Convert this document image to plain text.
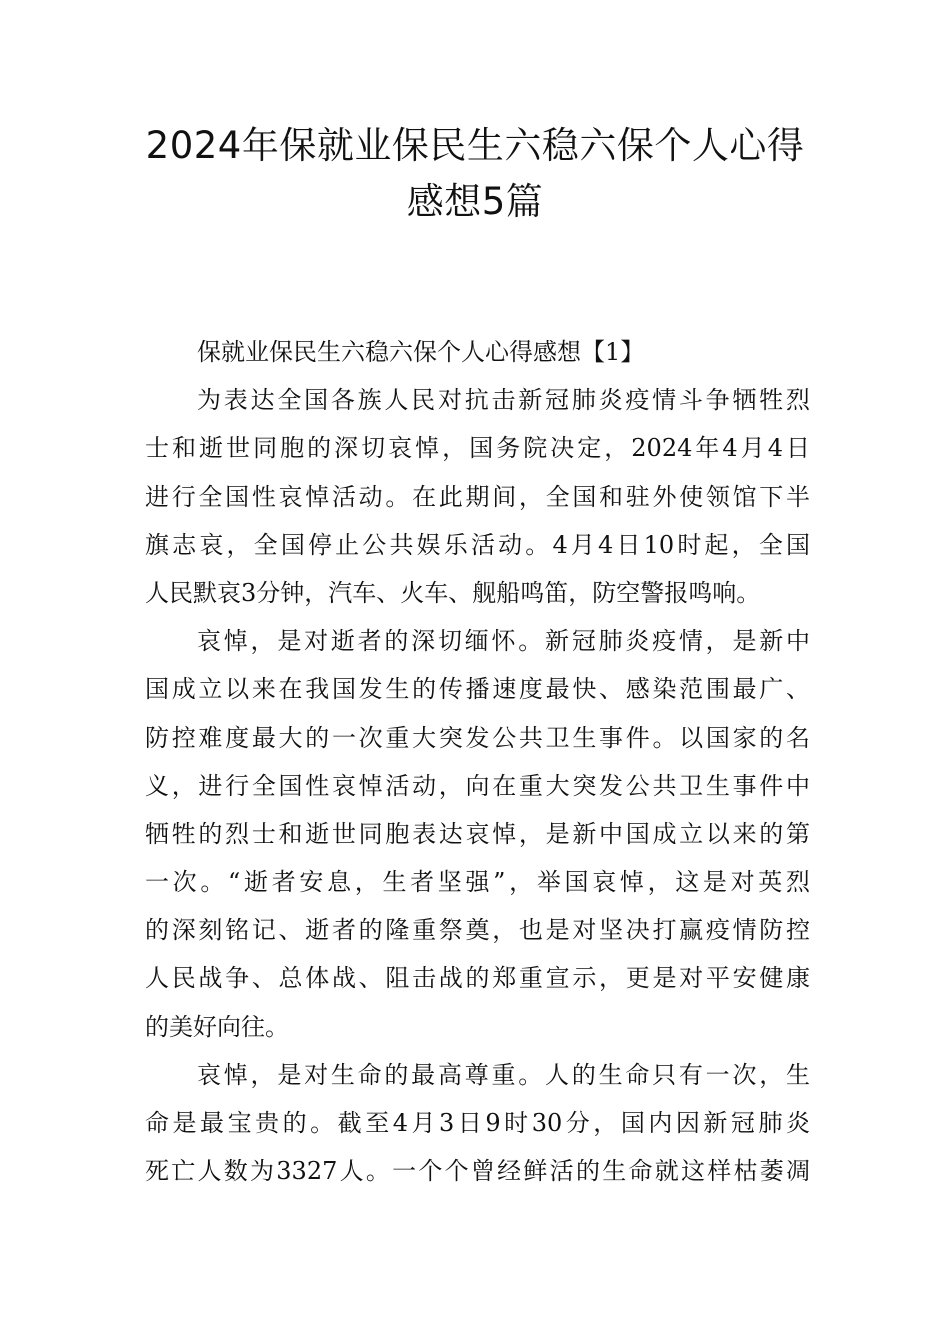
2024年保就业保民生六稳六保个人心得
感想5篇
保就业保民生六稳六保个人心得感想【1】
为表达全国各族人民对抗击新冠肺炎疫情斗争牺牲烈
士和逝世同胞的深切哀悼，国务院决定，2024年4月4日
进行全国性哀悼活动。在此期间，全国和驻外使领馆下半
旗志哀，全国停止公共娱乐活动。4月4日10时起，全国
人民默哀3分钟，汽车、火车、舰船鸣笛，防空警报鸣响。
哀悼，是对逝者的深切缅怀。新冠肺炎疫情，是新中
国成立以来在我国发生的传播速度最快、感染范围最广、
防控难度最大的一次重大突发公共卫生事件。以国家的名
义，进行全国性哀悼活动，向在重大突发公共卫生事件中
牺牲的烈士和逝世同胞表达哀悼，是新中国成立以来的第
一次。“逝者安息，生者坚强”，举国哀悼，这是对英烈
的深刻铭记、逝者的隆重祭奠，也是对坚决打赢疫情防控
人民战争、总体战、阻击战的郑重宣示，更是对平安健康
的美好向往。
哀悼，是对生命的最高尊重。人的生命只有一次，生
命是最宝贵的。截至4月3日9时30分，国内因新冠肺炎
死亡人数为3327人。一个个曾经鲜活的生命就这样枯萎凋
